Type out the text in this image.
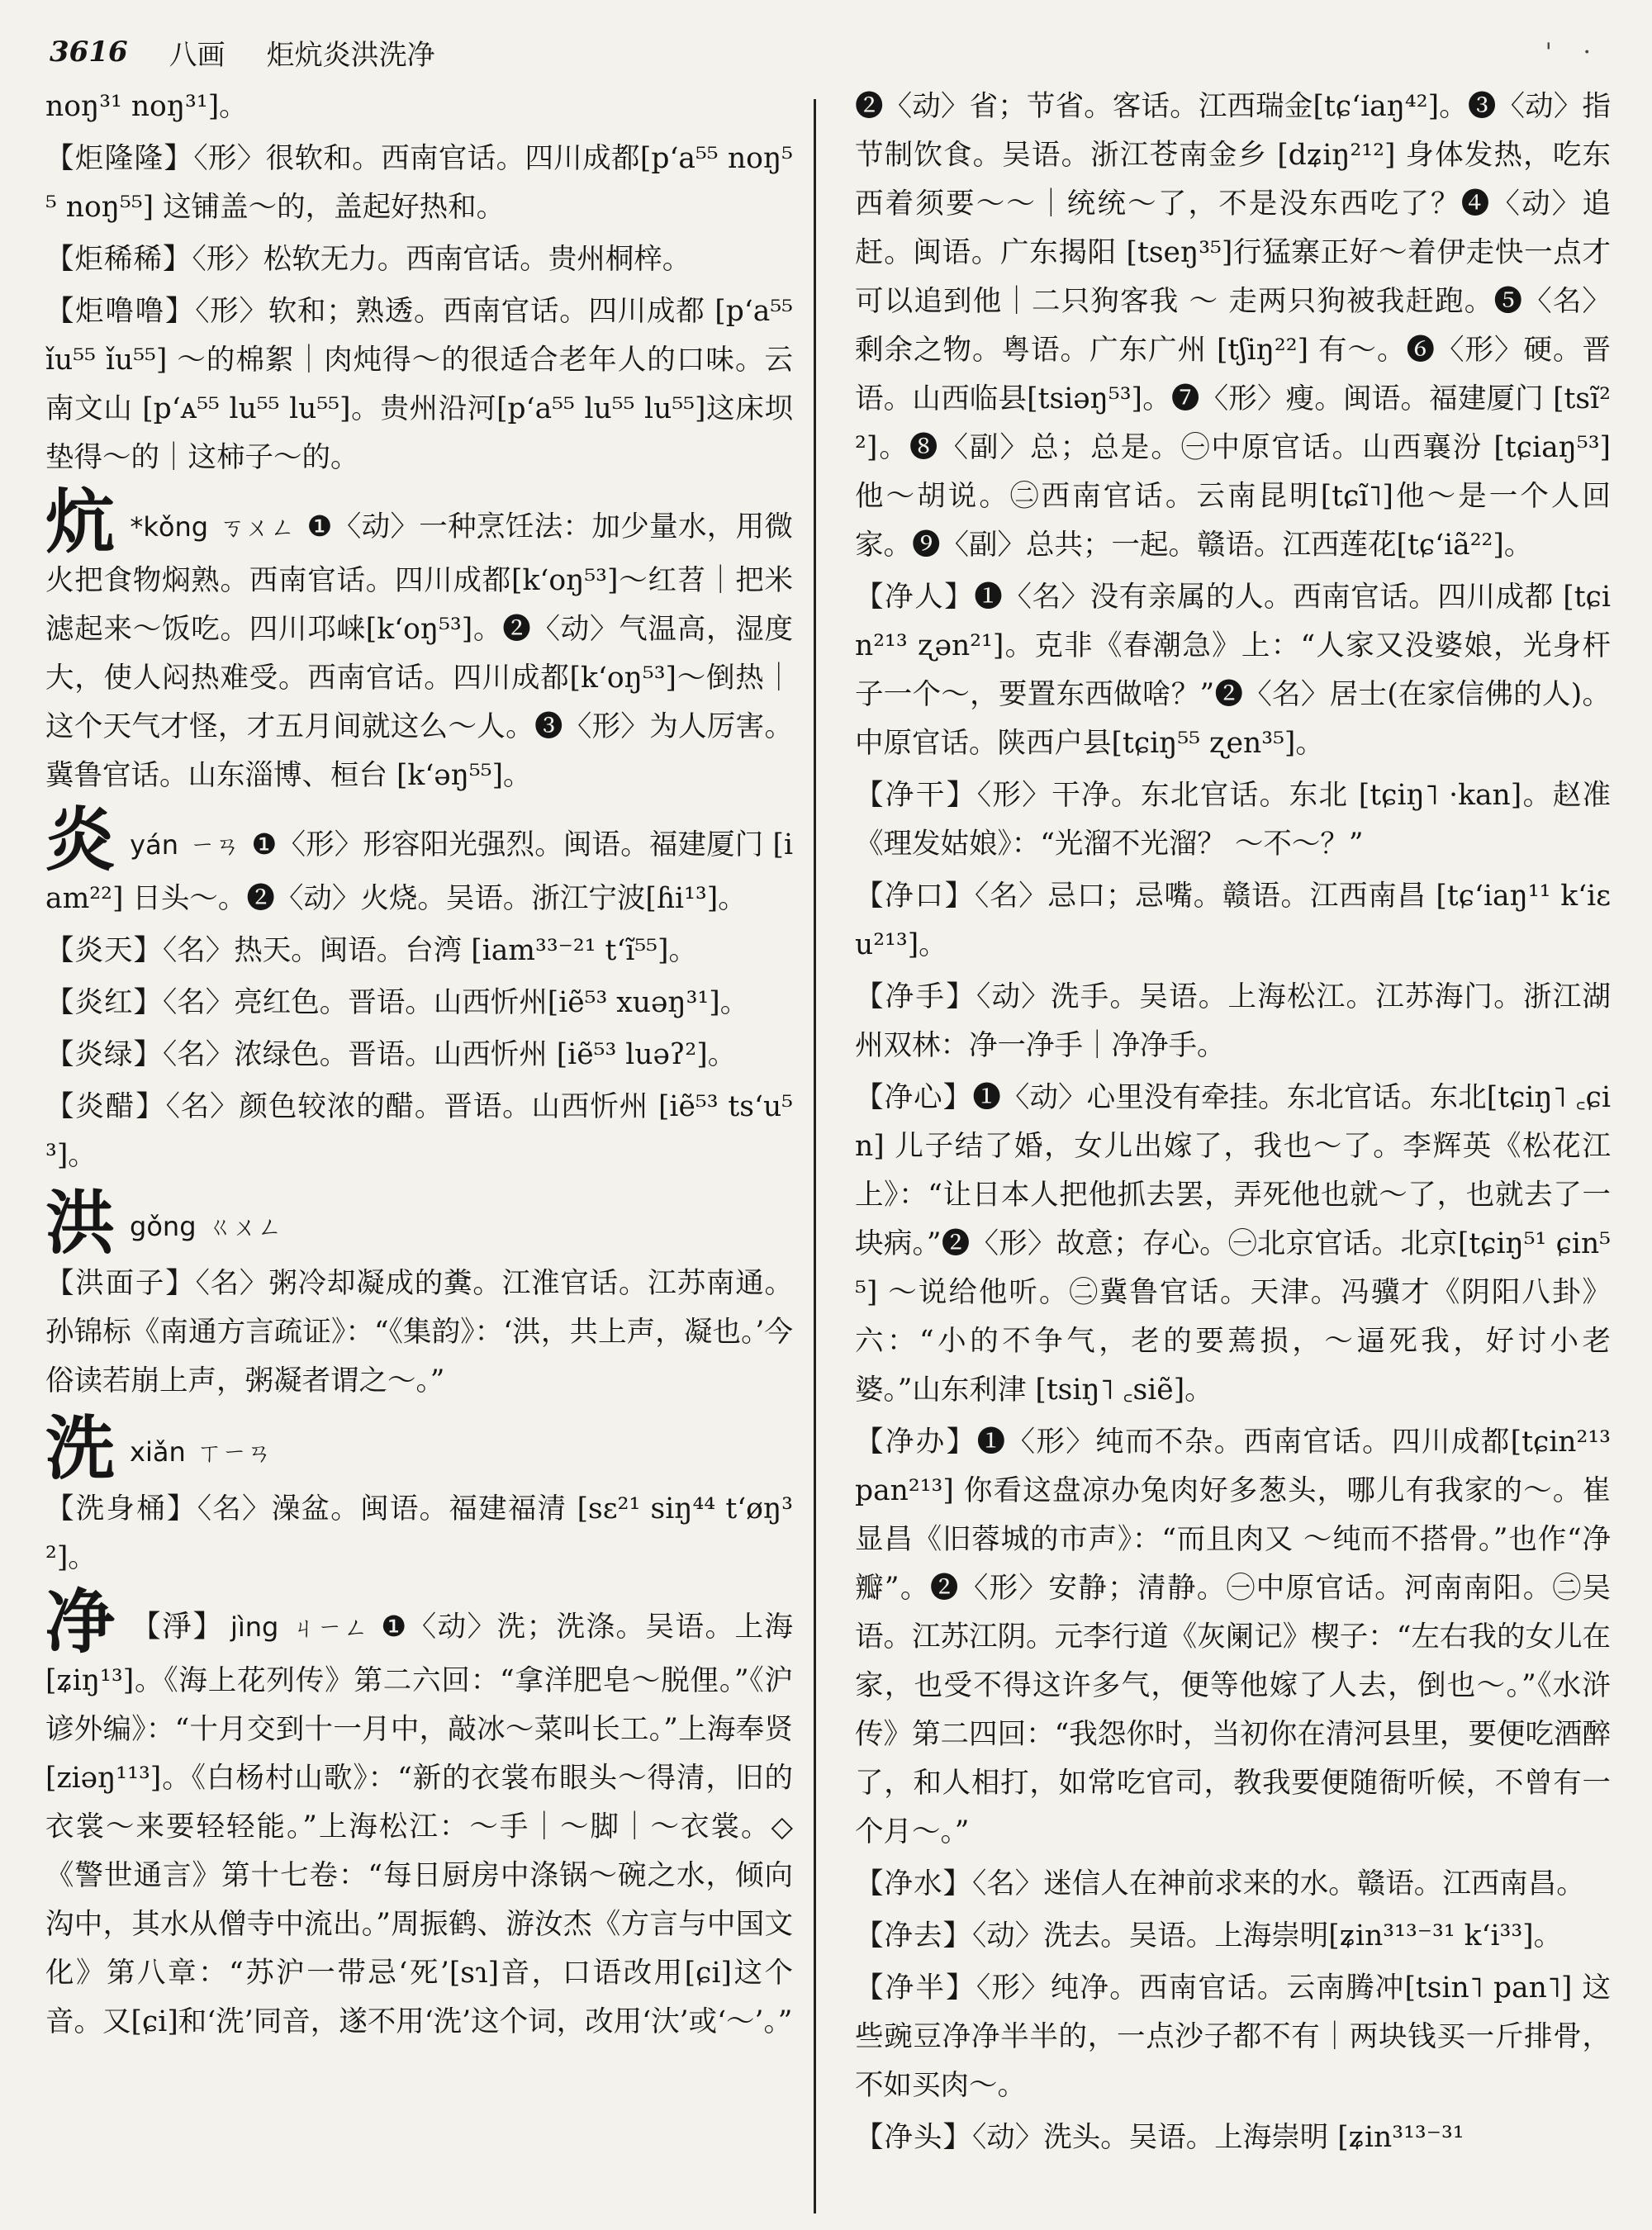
3616 八画 炬炕炎洪洗净	' ·
noŋ³¹ noŋ³¹]。
【炬隆隆】〈形〉很软和。西南官话。四川成都[p‘a⁵⁵ noŋ⁵⁵ noŋ⁵⁵] 这铺盖～的，盖起好热和。
【炬稀稀】〈形〉松软无力。西南官话。贵州桐梓。
【炬噜噜】〈形〉软和；熟透。西南官话。四川成都 [p‘a⁵⁵ ǐu⁵⁵ ǐu⁵⁵] ～的棉絮｜肉炖得～的很适合老年人的口味。云南文山 [p‘ᴀ⁵⁵ lu⁵⁵ lu⁵⁵]。贵州沿河[p‘a⁵⁵ lu⁵⁵ lu⁵⁵]这床坝垫得～的｜这柿子～的。
炕 *kǒng ㄎㄨㄥ ❶〈动〉一种烹饪法：加少量水，用微火把食物焖熟。西南官话。四川成都[k‘oŋ⁵³]～红苕｜把米滤起来～饭吃。四川邛崃[k‘oŋ⁵³]。❷〈动〉气温高，湿度大，使人闷热难受。西南官话。四川成都[k‘oŋ⁵³]～倒热｜这个天气才怪，才五月间就这么～人。❸〈形〉为人厉害。冀鲁官话。山东淄博、桓台 [k‘əŋ⁵⁵]。
炎yán ㄧㄢ ❶〈形〉形容阳光强烈。闽语。福建厦门 [iam²²] 日头～。❷〈动〉火烧。吴语。浙江宁波[ɦi¹³]。
【炎天】〈名〉热天。闽语。台湾 [iam³³⁻²¹ t‘ĩ⁵⁵]。
【炎红】〈名〉亮红色。晋语。山西忻州[iẽ⁵³ xuəŋ³¹]。
【炎绿】〈名〉浓绿色。晋语。山西忻州 [iẽ⁵³ luəʔ²]。
【炎醋】〈名〉颜色较浓的醋。晋语。山西忻州 [iẽ⁵³ ts‘u⁵³]。
洪gǒng ㄍㄨㄥ
【洪面子】〈名〉粥冷却凝成的糞。江淮官话。江苏南通。孙锦标《南通方言疏证》：“《集韵》：‘洪，共上声，凝也。’今俗读若崩上声，粥凝者谓之～。”
洗xiǎn ㄒㄧㄢ
【洗身桶】〈名〉澡盆。闽语。福建福清 [sɛ²¹ siŋ⁴⁴ t‘øŋ³²]。
净 【淨】 jìng ㄐㄧㄥ ❶〈动〉洗；洗涤。吴语。上海[ʑiŋ¹³]。《海上花列传》第二六回：“拿洋肥皂～脱俚。”《沪谚外编》：“十月交到十一月中，敲冰～菜叫长工。”上海奉贤 [ziəŋ¹¹³]。《白杨村山歌》：“新的衣裳布眼头～得清，旧的衣裳～来要轻轻能。”上海松江：～手｜～脚｜～衣裳。◇《警世通言》第十七卷：“每日厨房中涤锅～碗之水，倾向沟中，其水从僧寺中流出。”周振鹤、游汝杰《方言与中国文化》第八章：“苏沪一带忌‘死’[sɿ]音，口语改用[ɕi]这个音。又[ɕi]和‘洗’同音，遂不用‘洗’这个词，改用‘汏’或‘～’。”
❷〈动〉省；节省。客话。江西瑞金[tɕ‘iaŋ⁴²]。❸〈动〉指节制饮食。吴语。浙江苍南金乡 [dʑiŋ²¹²] 身体发热，吃东西着须要～～｜统统～了，不是没东西吃了？❹〈动〉追赶。闽语。广东揭阳 [tseŋ³⁵]行猛寨正好～着伊走快一点才可以追到他｜二只狗客我 ～ 走两只狗被我赶跑。❺〈名〉剩余之物。粤语。广东广州 [tʃiŋ²²] 有～。❻〈形〉硬。晋语。山西临县[tsiəŋ⁵³]。❼〈形〉瘦。闽语。福建厦门 [tsĩ²²]。❽〈副〉总；总是。㊀中原官话。山西襄汾 [tɕiaŋ⁵³] 他～胡说。㊁西南官话。云南昆明[tɕĩ˥]他～是一个人回家。❾〈副〉总共；一起。赣语。江西莲花[tɕ‘iã²²]。
【净人】❶〈名〉没有亲属的人。西南官话。四川成都 [tɕin²¹³ ʐən²¹]。克非《春潮急》上：“人家又没婆娘，光身杆子一个～，要置东西做啥？”❷〈名〉居士(在家信佛的人)。中原官话。陕西户县[tɕiŋ⁵⁵ ʐen³⁵]。
【净干】〈形〉干净。东北官话。东北 [tɕiŋ˥ ·kan]。赵准《理发姑娘》：“光溜不光溜？ ～不～？”
【净口】〈名〉忌口；忌嘴。赣语。江西南昌 [tɕ‘iaŋ¹¹ k‘iɛu²¹³]。
【净手】〈动〉洗手。吴语。上海松江。江苏海门。浙江湖州双林：净一净手｜净净手。
【净心】❶〈动〉心里没有牵挂。东北官话。东北[tɕiŋ˥ ꜀ɕin] 儿子结了婚，女儿出嫁了，我也～了。李辉英《松花江上》：“让日本人把他抓去罢，弄死他也就～了，也就去了一块病。”❷〈形〉故意；存心。㊀北京官话。北京[tɕiŋ⁵¹ ɕin⁵⁵] ～说给他听。㊁冀鲁官话。天津。冯骥才《阴阳八卦》六：“小的不争气，老的要蔫损，～逼死我，好讨小老婆。”山东利津 [tsiŋ˥ ꜀siẽ]。
【净办】❶〈形〉纯而不杂。西南官话。四川成都[tɕin²¹³ pan²¹³] 你看这盘凉办兔肉好多葱头，哪儿有我家的～。崔显昌《旧蓉城的市声》：“而且肉又 ～纯而不搭骨。”也作“净瓣”。❷〈形〉安静；清静。㊀中原官话。河南南阳。㊁吴语。江苏江阴。元李行道《灰阑记》楔子：“左右我的女儿在家，也受不得这许多气，便等他嫁了人去，倒也～。”《水浒传》第二四回：“我怨你时，当初你在清河县里，要便吃酒醉了，和人相打，如常吃官司，教我要便随衙听候，不曾有一个月～。”
【净水】〈名〉迷信人在神前求来的水。赣语。江西南昌。
【净去】〈动〉洗去。吴语。上海崇明[ʑin³¹³⁻³¹ k‘i³³]。
【净半】〈形〉纯净。西南官话。云南腾冲[tsin˥ pan˥] 这些豌豆净净半半的，一点沙子都不有｜两块钱买一斤排骨，不如买肉～。
【净头】〈动〉洗头。吴语。上海崇明 [ʑin³¹³⁻³¹
